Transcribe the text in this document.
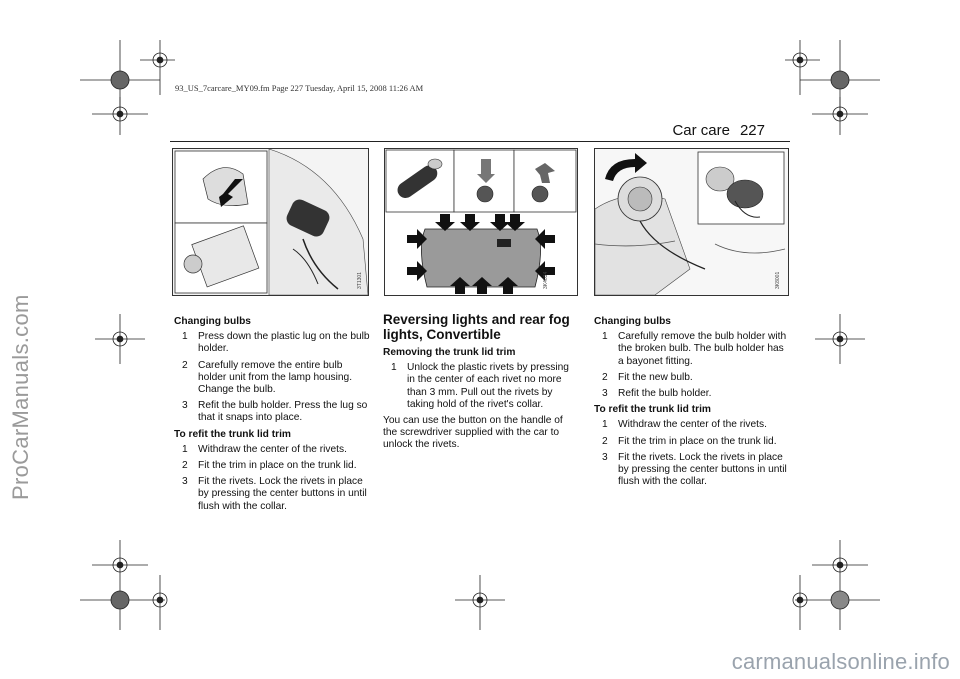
93_US_7carcare_MY09.fm Page 227 Tuesday, April 15, 2008 11:26 AM
ProCarManuals.com
Car care 227
3T1301	3K4034	3K8001

Changing bulbs

1	Press down the plastic lug on the bulb holder.
2	Carefully remove the entire bulb holder unit from the lamp housing. Change the bulb.
3	Refit the bulb holder. Press the lug so that it snaps into place.

To refit the trunk lid trim

1	Withdraw the center of the rivets.
2	Fit the trim in place on the trunk lid.
3	Fit the rivets. Lock the rivets in place by pressing the center buttons in until flush with the collar.
Reversing lights and rear fog lights, Convertible

Removing the trunk lid trim

1	Unlock the plastic rivets by pressing in the center of each rivet no more than 3 mm. Pull out the rivets by taking hold of the rivet's collar.

You can use the button on the handle of the screwdriver supplied with the car to unlock the rivets.

Changing bulbs

1	Carefully remove the bulb holder with the broken bulb. The bulb holder has a bayonet fitting.
2	Fit the new bulb.
3	Refit the bulb holder.

To refit the trunk lid trim

1	Withdraw the center of the rivets.
2	Fit the trim in place on the trunk lid.
3	Fit the rivets. Lock the rivets in place by pressing the center buttons in until flush with the collar.
carmanualsonline.info
